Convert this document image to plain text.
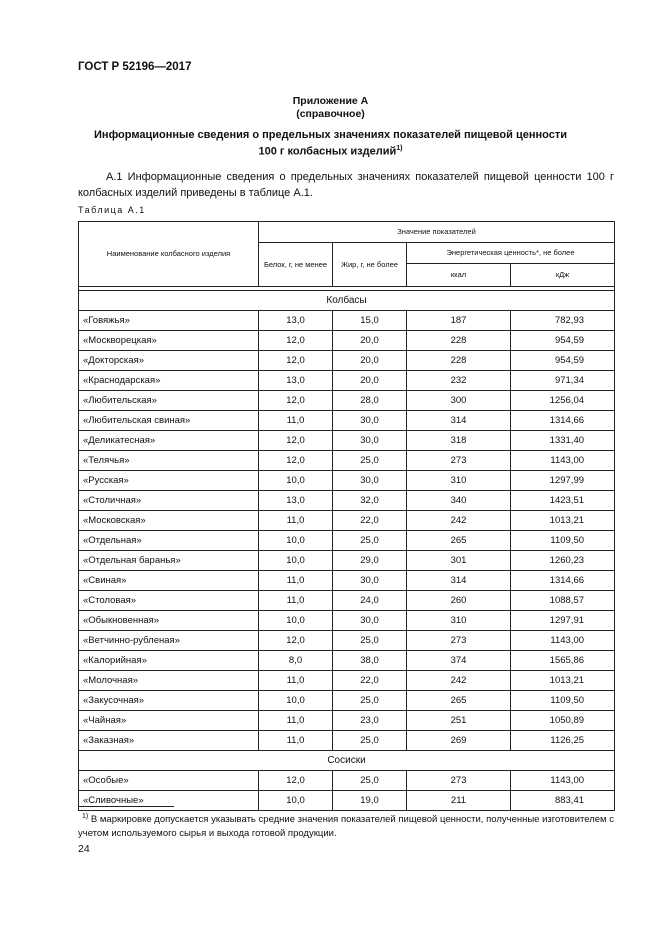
ГОСТ Р 52196—2017
Приложение А
(справочное)
Информационные сведения о предельных значениях показателей пищевой ценности
100 г колбасных изделий$^{1)}$
А.1 Информационные сведения о предельных значениях показателей пищевой ценности 100 г колбасных изделий приведены в таблице А.1.
Таблица А.1
Наименование колбасного изделия	Значение показателей			
	Белок, г, не менее	Жир, г, не более	Энергетическая ценность*, не более	
			ккал	кДж

Колбасы				
«Говяжья»	13,0	15,0	187	782,93
«Москворецкая»	12,0	20,0	228	954,59
«Докторская»	12,0	20,0	228	954,59
«Краснодарская»	13,0	20,0	232	971,34
«Любительская»	12,0	28,0	300	1256,04
«Любительская свиная»	11,0	30,0	314	1314,66
«Деликатесная»	12,0	30,0	318	1331,40
«Телячья»	12,0	25,0	273	1143,00
«Русская»	10,0	30,0	310	1297,99
«Столичная»	13,0	32,0	340	1423,51
«Московская»	11,0	22,0	242	1013,21
«Отдельная»	10,0	25,0	265	1109,50
«Отдельная баранья»	10,0	29,0	301	1260,23
«Свиная»	11,0	30,0	314	1314,66
«Столовая»	11,0	24,0	260	1088,57
«Обыкновенная»	10,0	30,0	310	1297,91
«Ветчинно-рубленая»	12,0	25,0	273	1143,00
«Калорийная»	8,0	38,0	374	1565,86
«Молочная»	11,0	22,0	242	1013,21
«Закусочная»	10,0	25,0	265	1109,50
«Чайная»	11,0	23,0	251	1050,89
«Заказная»	11,0	25,0	269	1126,25
Сосиски				
«Особые»	12,0	25,0	273	1143,00
«Сливочные»	10,0	19,0	211	883,41
$^{1)}$ В маркировке допускается указывать средние значения показателей пищевой ценности, полученные изготовителем с учетом используемого сырья и выхода готовой продукции.
24
